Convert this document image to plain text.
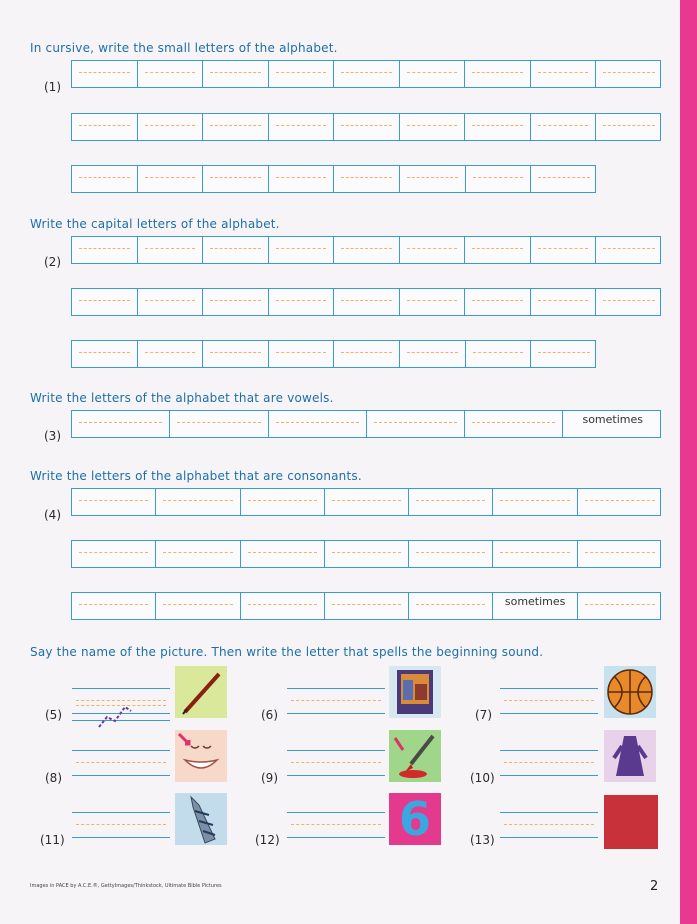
In cursive, write the small letters of the alphabet.
(1)
Write the capital letters of the alphabet.
(2)
Write the letters of the alphabet that are vowels.
(3)
sometimes
Write the letters of the alphabet that are consonants.
(4)
sometimes
Say the name of the picture. Then write the letter that spells the beginning sound.
(5)	(6)	(7)
(8)	(9)	(10)
(11)	(12)	6	(13)
Images in PACE by A.C.E.®, GettyImages/Thinkstock, Ultimate Bible Pictures	2
